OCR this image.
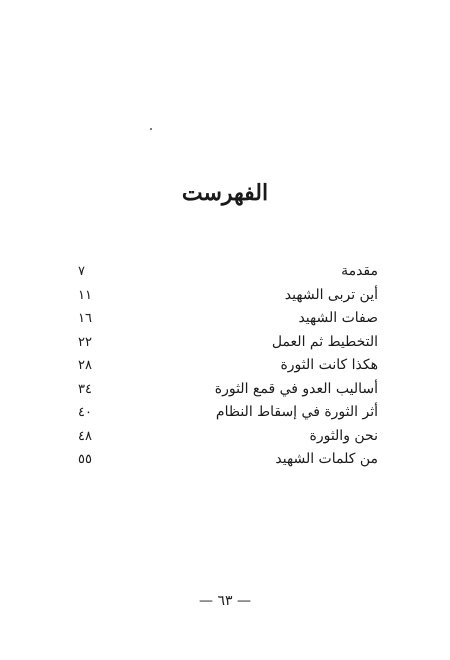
الفهرست
مقدمة
٧
أين تربى الشهيد
١١
صفات الشهيد
١٦
التخطيط ثم العمل
٢٢
هكذا كانت الثورة
٢٨
أساليب العدو في قمع الثورة
٣٤
أثر الثورة في إسقاط النظام
٤٠
نحن والثورة
٤٨
من كلمات الشهيد
٥٥
— ٦٣ —
